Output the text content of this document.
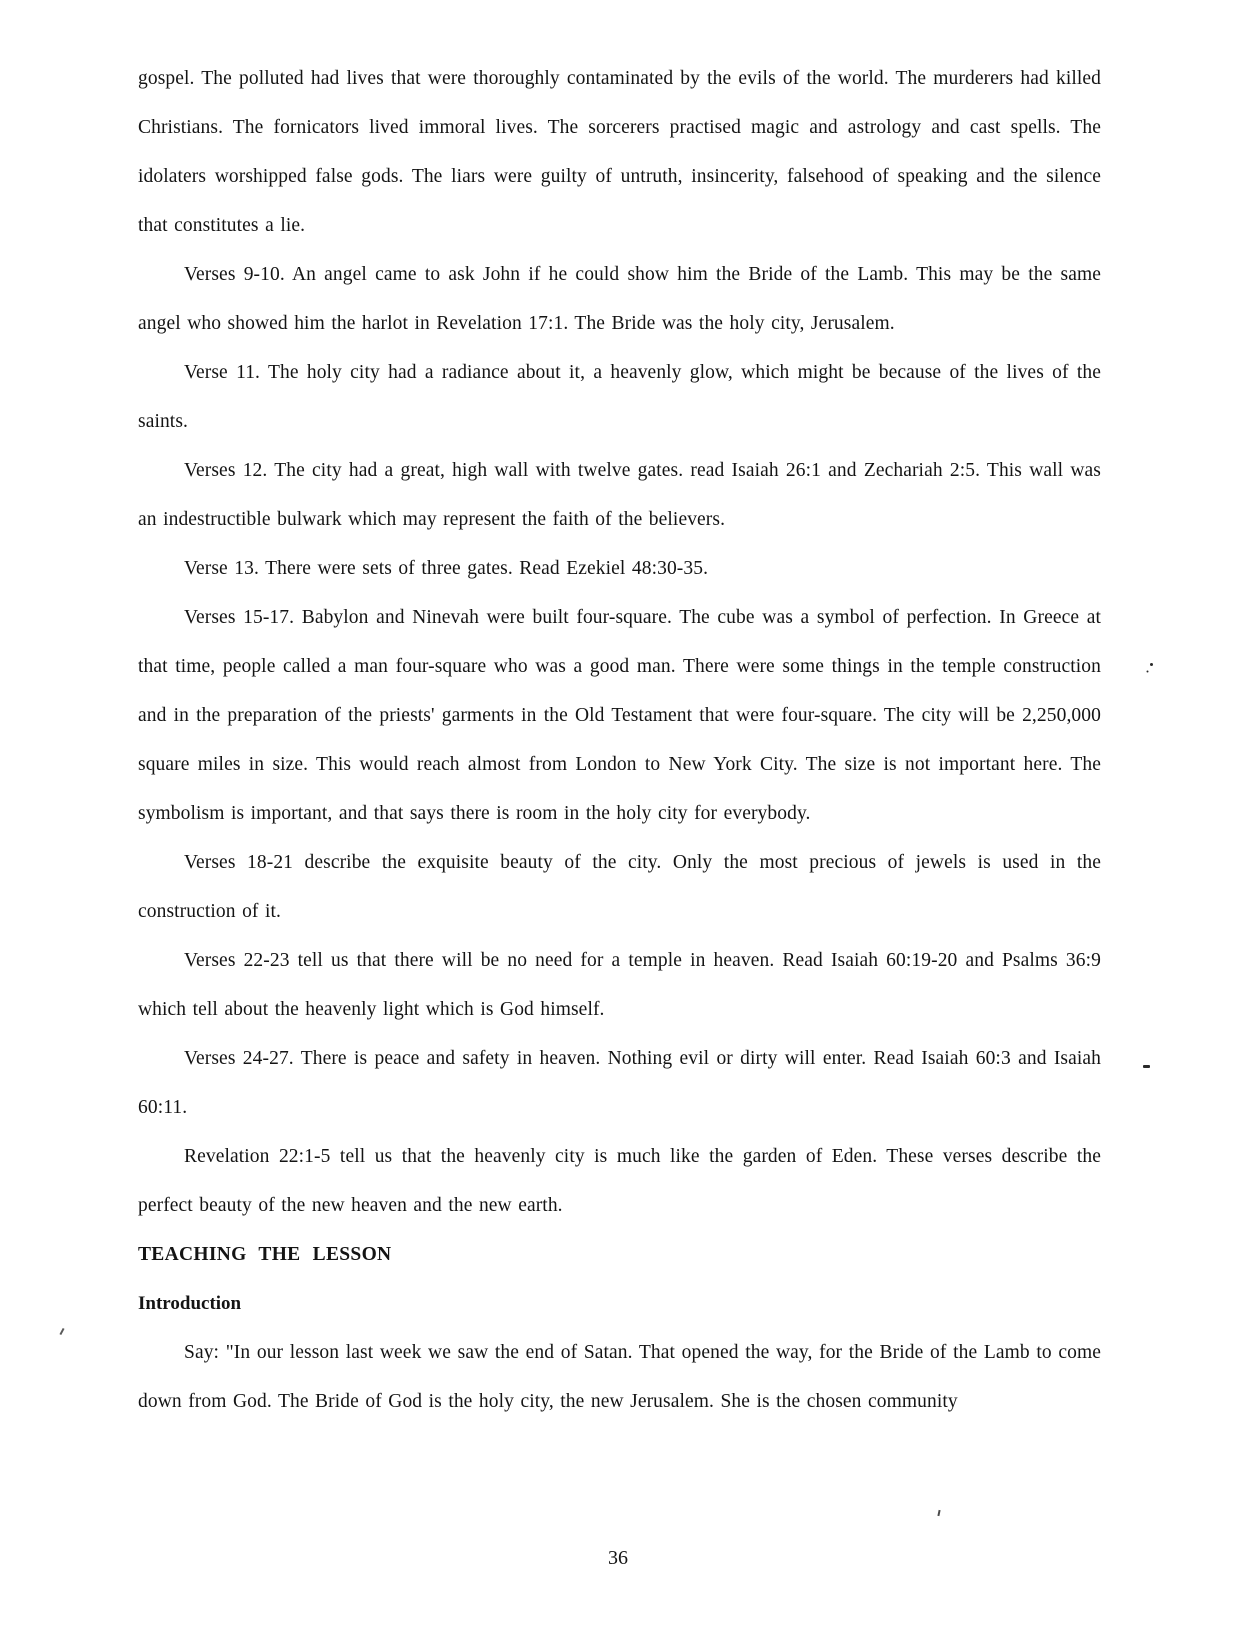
gospel. The polluted had lives that were thoroughly contaminated by the evils of the world. The murderers had killed Christians. The fornicators lived immoral lives. The sorcerers practised magic and astrology and cast spells. The idolaters worshipped false gods. The liars were guilty of untruth, insincerity, falsehood of speaking and the silence that constitutes a lie.

Verses 9-10. An angel came to ask John if he could show him the Bride of the Lamb. This may be the same angel who showed him the harlot in Revelation 17:1. The Bride was the holy city, Jerusalem.

Verse 11. The holy city had a radiance about it, a heavenly glow, which might be because of the lives of the saints.

Verses 12. The city had a great, high wall with twelve gates. read Isaiah 26:1 and Zechariah 2:5. This wall was an indestructible bulwark which may represent the faith of the believers.

Verse 13. There were sets of three gates. Read Ezekiel 48:30-35.

Verses 15-17. Babylon and Ninevah were built four-square. The cube was a symbol of perfection. In Greece at that time, people called a man four-square who was a good man. There were some things in the temple construction and in the preparation of the priests' garments in the Old Testament that were four-square. The city will be 2,250,000 square miles in size. This would reach almost from London to New York City. The size is not important here. The symbolism is important, and that says there is room in the holy city for everybody.

Verses 18-21 describe the exquisite beauty of the city. Only the most precious of jewels is used in the construction of it.

Verses 22-23 tell us that there will be no need for a temple in heaven. Read Isaiah 60:19-20 and Psalms 36:9 which tell about the heavenly light which is God himself.

Verses 24-27. There is peace and safety in heaven. Nothing evil or dirty will enter. Read Isaiah 60:3 and Isaiah 60:11.

Revelation 22:1-5 tell us that the heavenly city is much like the garden of Eden. These verses describe the perfect beauty of the new heaven and the new earth.

TEACHING THE LESSON
Introduction

Say: "In our lesson last week we saw the end of Satan. That opened the way, for the Bride of the Lamb to come down from God. The Bride of God is the holy city, the new Jerusalem. She is the chosen community

36
